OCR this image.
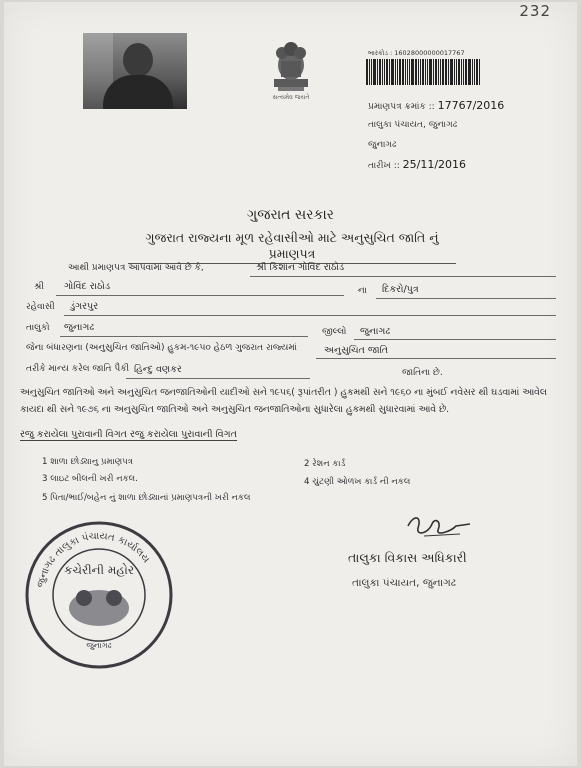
232
સત્યમેવ જયતે
બારકોડ : 16028000000017767
પ્રમાણપત્ર ક્રમાંક :: 17767/2016
તાલુકા પંચાયત, જુનાગઢ
જુનાગઢ
તારીખ :: 25/11/2016
ગુજરાત સરકાર
ગુજરાત રાજ્યના મૂળ રહેવાસીઓ માટે અનુસુચિત જાતિ નું પ્રમાણપત્ર
આથી પ્રમાણપત્ર આપવામાં આવે છે કે,	શ્રી કિશાન ગોવિંદ રાઠોડ
શ્રી ગોવિંદ રાઠોડ	ના દિકરો/પુત્ર
રહેવાસી ડુંગરપુર
તાલુકો જુનાગઢ	જીલ્લો જુનાગઢ
જેના બંધારણના (અનુસુચિત જાતિઓ) હુકમ-૧૯૫૦ હેઠળ ગુજરાત રાજ્યમાં	અનુસુચિત જાતિ
તરીકે માન્ય કરેલ જાતિ પૈકી હિન્દુ વણકર	જાતિના છે.
અનુસુચિત જાતિઓ અને અનુસુચિત જનજાતિઓની યાદીઓ સને ૧૯૫૬( રૂપાંતરીત ) હુકમથી સને ૧૯૬૦ ના મુંબઈ નવેસર થી ઘડવામાં આવેલ કાયદા થી સને ૧૯૭૬ ના અનુસુચિત જાતિઓ અને અનુસુચિત જનજાતિઓના સુધારેલા હુકમથી સુધારવામાં આવે છે.
રજુ કરાયેલા પુરાવાની વિગત રજુ કરાયેલા પુરાવાની વિગત
1 શાળા છોડ્યાનુ પ્રમાણપત્ર	2 રેશન કાર્ડ
3 લાઇટ બીલની ખરી નકલ.	4 ચુંટણી ઓળખ કાર્ડ ની નકલ
5 પિતા/ભાઈ/બહેન નું શાળા છોડ્યાનાં પ્રમાણપત્રની ખરી નકલ
તાલુકા વિકાસ અધિકારી
તાલુકા પંચાયત, જુનાગઢ
જુનાગઢ તાલુકા પંચાયત કાર્યાલય
કચેરીની મહોર
જુનાગઢ
